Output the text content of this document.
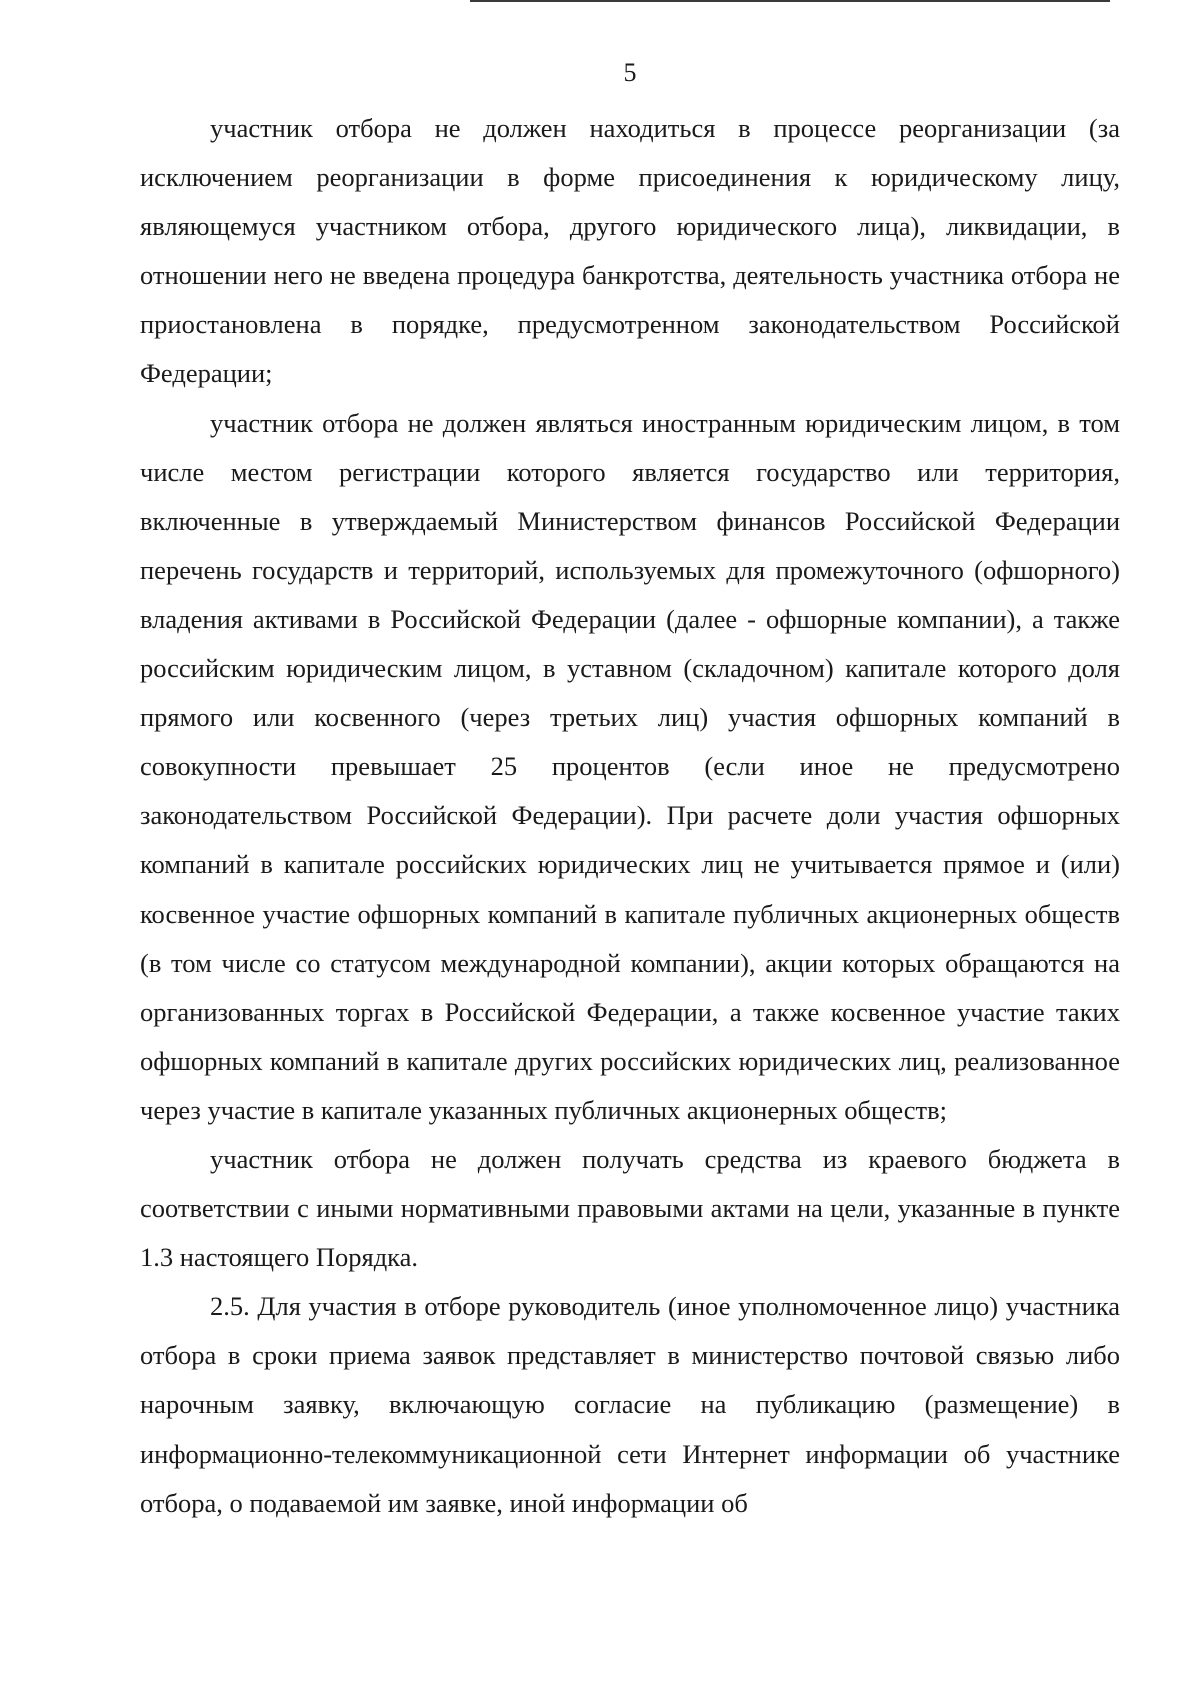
5

участник отбора не должен находиться в процессе реорганизации (за исключением реорганизации в форме присоединения к юридическому лицу, являющемуся участником отбора, другого юридического лица), ликвидации, в отношении него не введена процедура банкротства, деятельность участника отбора не приостановлена в порядке, предусмотренном законодательством Российской Федерации;

участник отбора не должен являться иностранным юридическим лицом, в том числе местом регистрации которого является государство или территория, включенные в утверждаемый Министерством финансов Российской Федерации перечень государств и территорий, используемых для промежуточного (офшорного) владения активами в Российской Федерации (далее - офшорные компании), а также российским юридическим лицом, в уставном (складочном) капитале которого доля прямого или косвенного (через третьих лиц) участия офшорных компаний в совокупности превышает 25 процентов (если иное не предусмотрено законодательством Российской Федерации). При расчете доли участия офшорных компаний в капитале российских юридических лиц не учитывается прямое и (или) косвенное участие офшорных компаний в капитале публичных акционерных обществ (в том числе со статусом международной компании), акции которых обращаются на организованных торгах в Российской Федерации, а также косвенное участие таких офшорных компаний в капитале других российских юридических лиц, реализованное через участие в капитале указанных публичных акционерных обществ;

участник отбора не должен получать средства из краевого бюджета в соответствии с иными нормативными правовыми актами на цели, указанные в пункте 1.3 настоящего Порядка.

2.5. Для участия в отборе руководитель (иное уполномоченное лицо) участника отбора в сроки приема заявок представляет в министерство почтовой связью либо нарочным заявку, включающую согласие на публикацию (размещение) в информационно-телекоммуникационной сети Интернет информации об участнике отбора, о подаваемой им заявке, иной информации об
